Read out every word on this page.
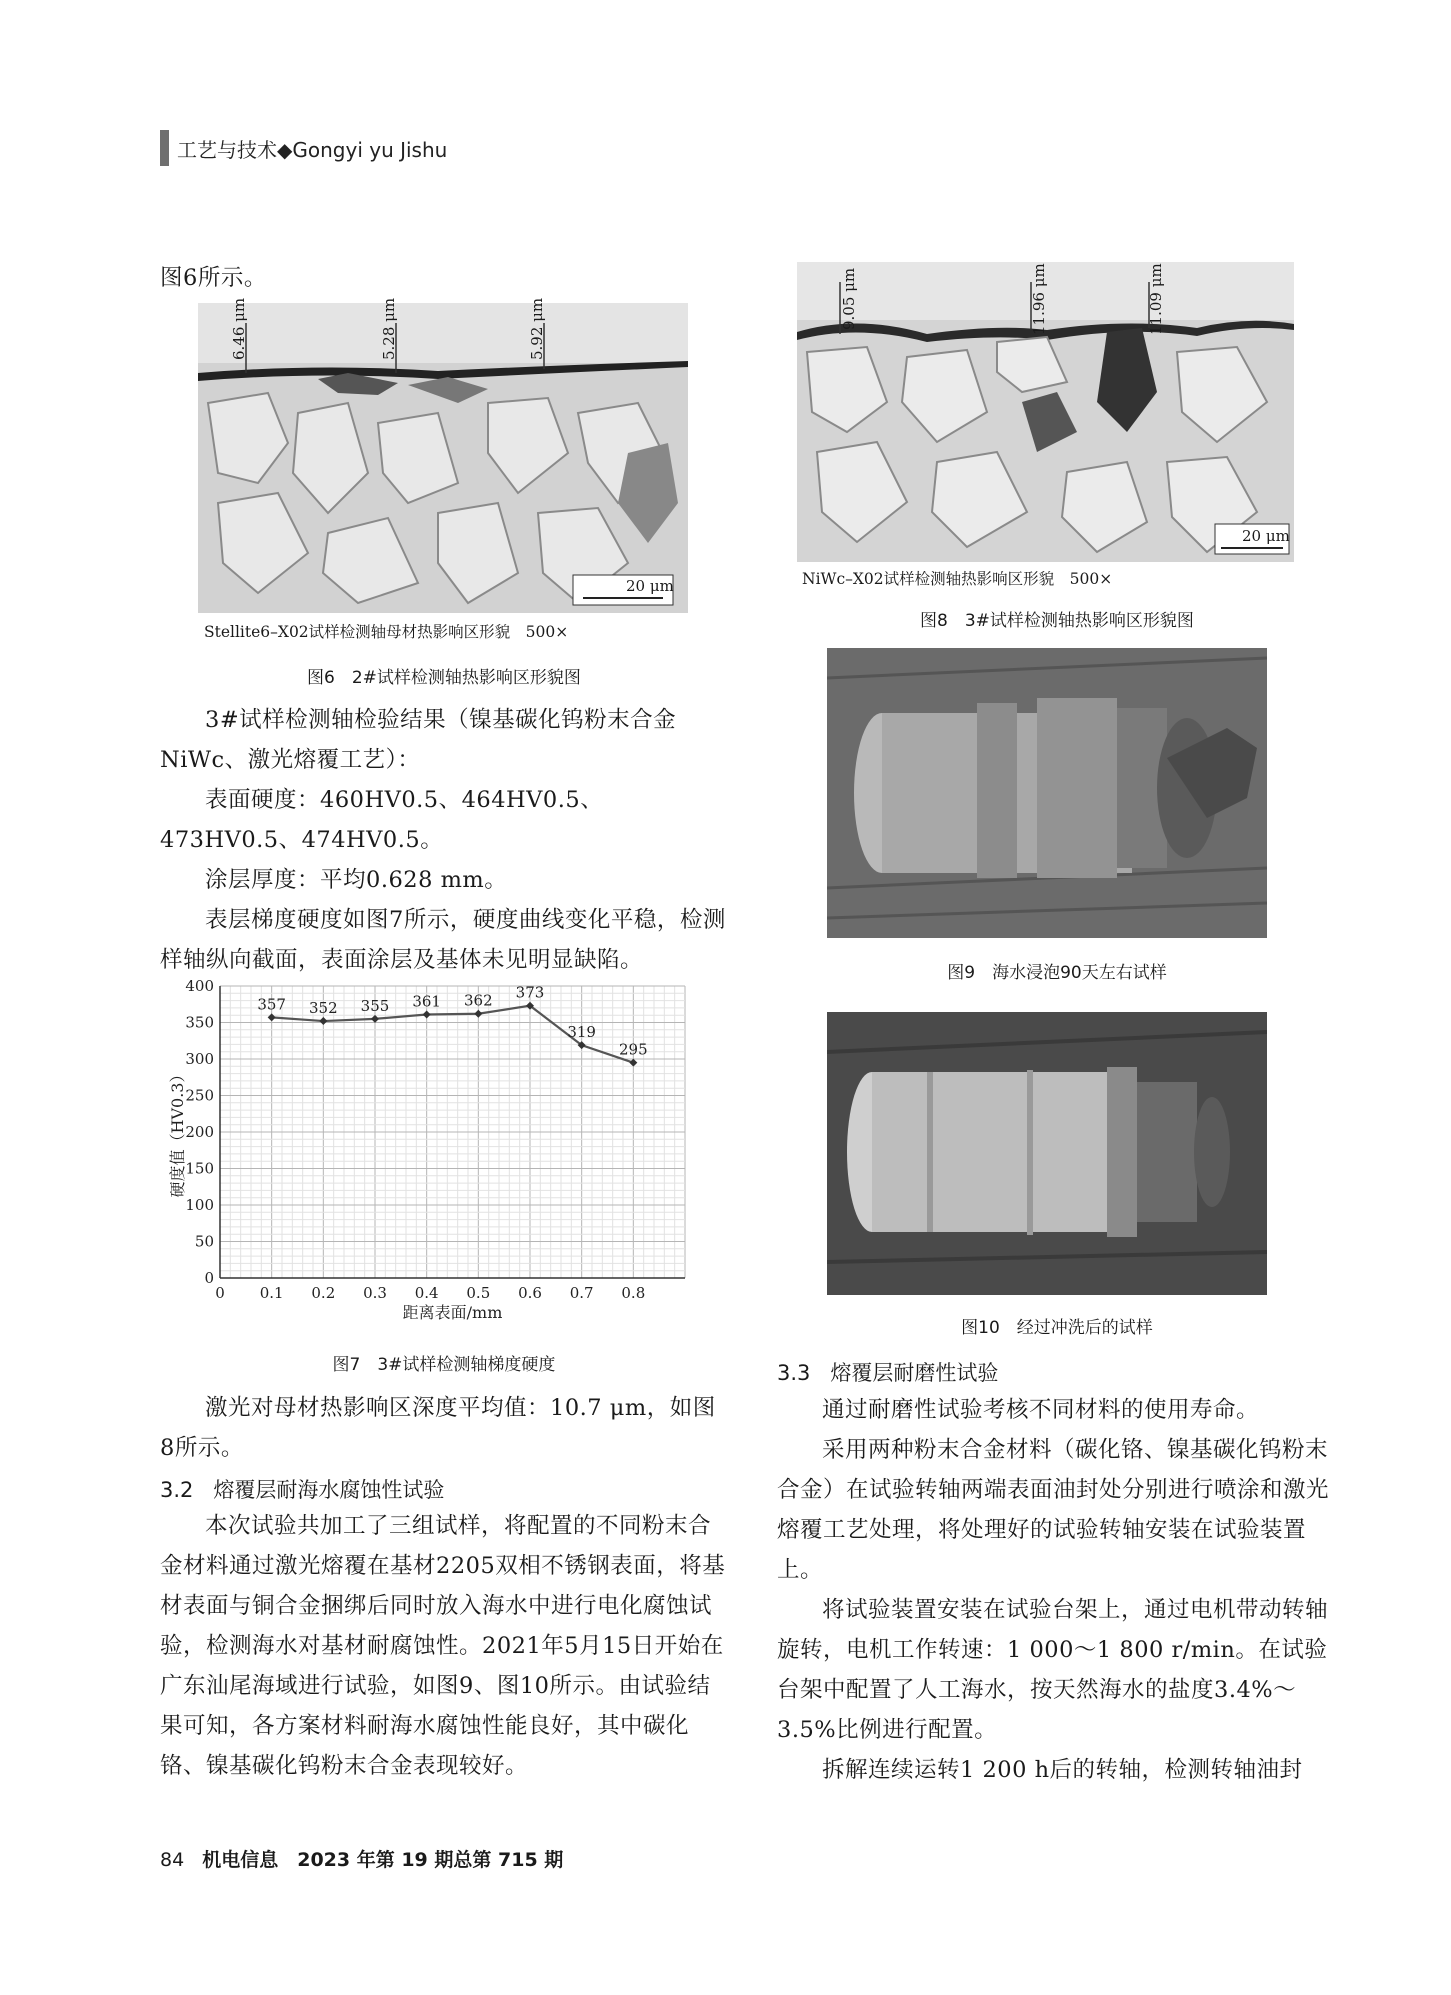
工艺与技术◆Gongyi yu Jishu
图6所示。
6.46 μm	5.28 μm	5.92 μm
20 μm
Stellite6–X02试样检测轴母材热影响区形貌　500×
图6　2#试样检测轴热影响区形貌图

3#试样检测轴检验结果（镍基碳化钨粉末合金NiWc、激光熔覆工艺）：

表面硬度：460HV0.5、464HV0.5、473HV0.5、474HV0.5。

涂层厚度：平均0.628 mm。

表层梯度硬度如图7所示，硬度曲线变化平稳，检测样轴纵向截面，表面涂层及基体未见明显缺陷。

0 0.1 0.2 0.3 0.4 0.5 0.6 0.7 0.8
0
50
100
150
200
250
300
350
400
距离表面/mm
硬度值（HV0.3）
357 352 355 361 362 373
319
295
图7　3#试样检测轴梯度硬度

激光对母材热影响区深度平均值：10.7 μm，如图8所示。

3.2 熔覆层耐海水腐蚀性试验

本次试验共加工了三组试样，将配置的不同粉末合金材料通过激光熔覆在基材2205双相不锈钢表面，将基材表面与铜合金捆绑后同时放入海水中进行电化腐蚀试验，检测海水对基材耐腐蚀性。2021年5月15日开始在广东汕尾海域进行试验，如图9、图10所示。由试验结果可知，各方案材料耐海水腐蚀性能良好，其中碳化铬、镍基碳化钨粉末合金表现较好。

9.05 μm	11.96 μm	11.09 μm
20 μm
NiWc–X02试样检测轴热影响区形貌　500×
图8　3#试样检测轴热影响区形貌图
图9　海水浸泡90天左右试样
图10　经过冲洗后的试样
3.3 熔覆层耐磨性试验

通过耐磨性试验考核不同材料的使用寿命。

采用两种粉末合金材料（碳化铬、镍基碳化钨粉末合金）在试验转轴两端表面油封处分别进行喷涂和激光熔覆工艺处理，将处理好的试验转轴安装在试验装置上。

将试验装置安装在试验台架上，通过电机带动转轴旋转，电机工作转速：1 000～1 800 r/min。在试验台架中配置了人工海水，按天然海水的盐度3.4%～3.5%比例进行配置。

拆解连续运转1 200 h后的转轴，检测转轴油封

84 机电信息　 2023 年第 19 期总第 715 期
